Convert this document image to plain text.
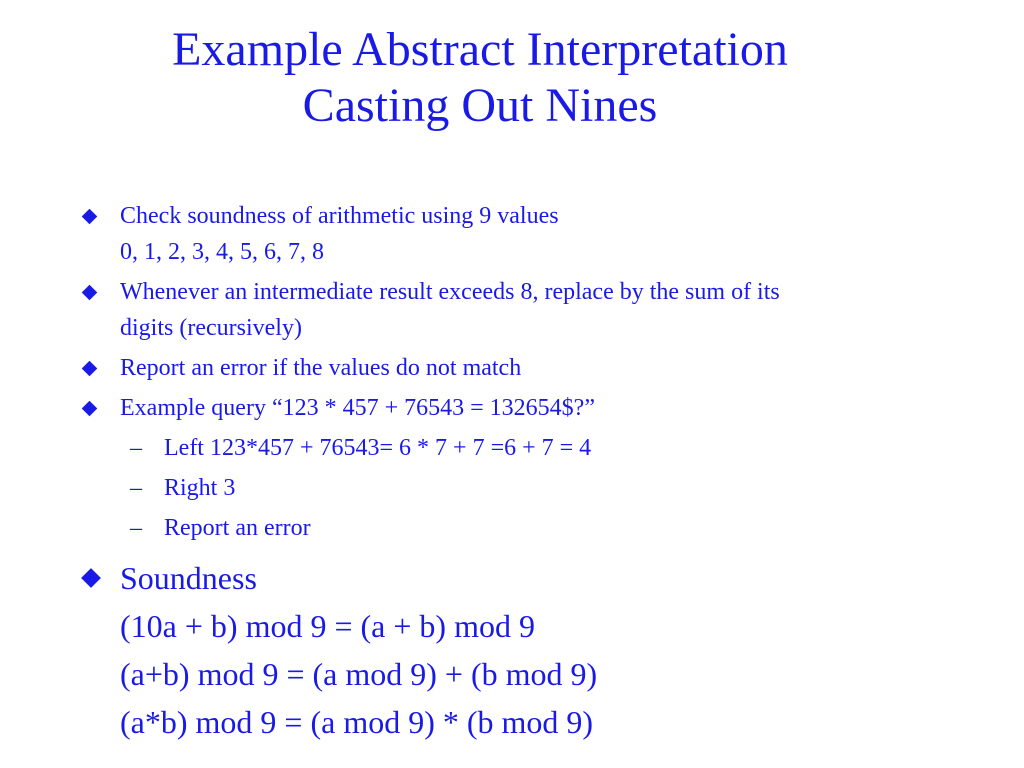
Example Abstract Interpretation
Casting Out Nines
Check soundness of arithmetic using 9 values
0, 1, 2, 3, 4, 5, 6, 7, 8
Whenever an intermediate result exceeds 8, replace by the sum of its
digits (recursively)
Report an error if the values do not match
Example query “123 * 457 + 76543 = 132654$?”
– Left 123*457 + 76543= 6 * 7 + 7 =6 + 7 = 4
– Right 3
– Report an error
Soundness
(10a + b) mod 9 = (a + b) mod 9
(a+b) mod 9 = (a mod 9) + (b mod 9)
(a*b) mod 9 = (a mod 9) * (b mod 9)
